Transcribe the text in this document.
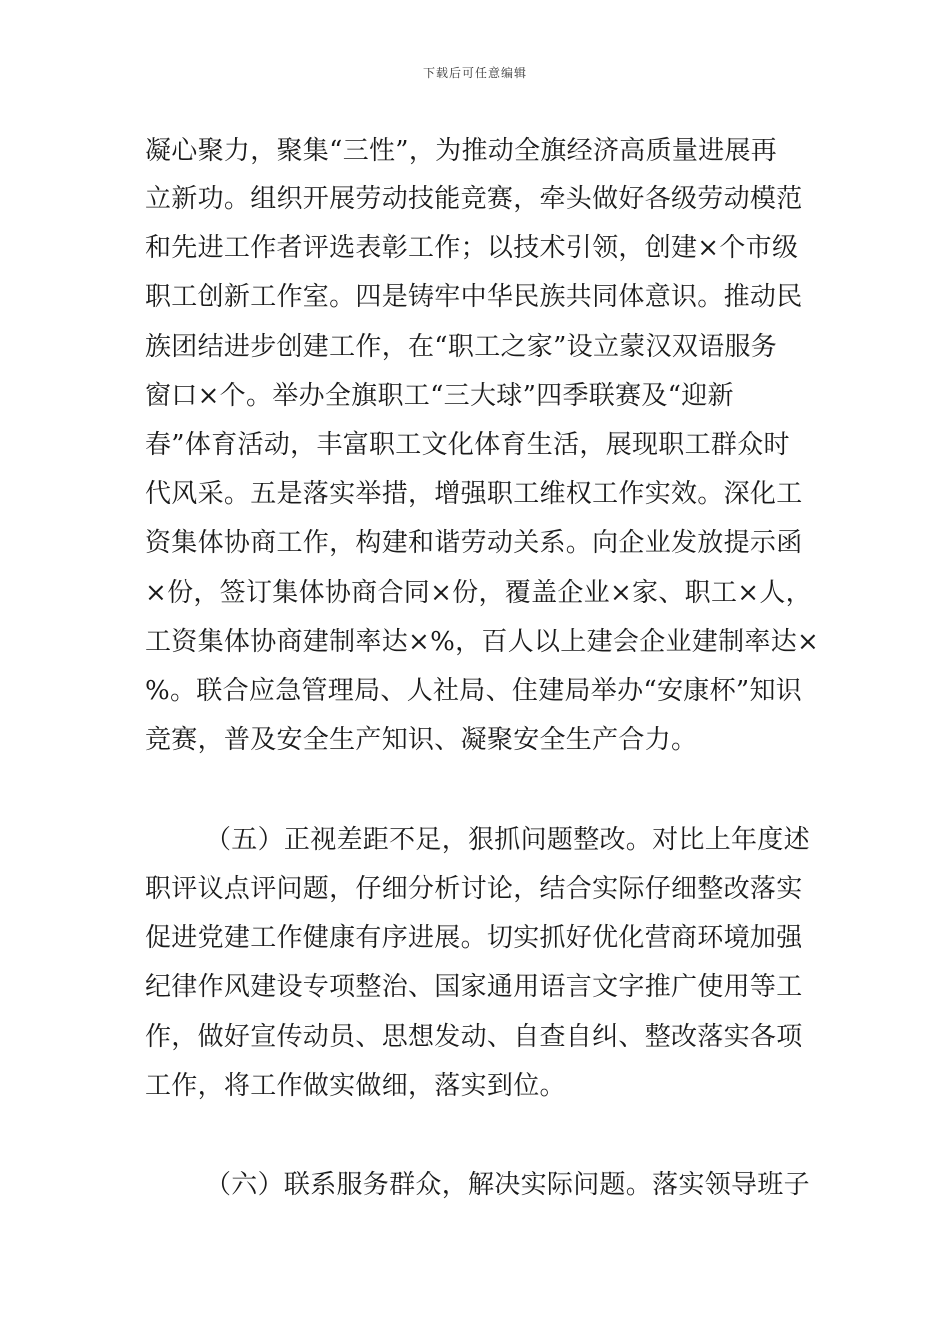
下载后可任意编辑
凝心聚力，聚集“三性”，为推动全旗经济高质量进展再
立新功。组织开展劳动技能竞赛，牵头做好各级劳动模范
和先进工作者评选表彰工作；以技术引领，创建×个市级
职工创新工作室。四是铸牢中华民族共同体意识。推动民
族团结进步创建工作，在“职工之家”设立蒙汉双语服务
窗口×个。举办全旗职工“三大球”四季联赛及“迎新
春”体育活动，丰富职工文化体育生活，展现职工群众时
代风采。五是落实举措，增强职工维权工作实效。深化工
资集体协商工作，构建和谐劳动关系。向企业发放提示函
×份，签订集体协商合同×份，覆盖企业×家、职工×人，
工资集体协商建制率达×%，百人以上建会企业建制率达×
%。联合应急管理局、人社局、住建局举办“安康杯”知识
竞赛，普及安全生产知识、凝聚安全生产合力。
（五）正视差距不足，狠抓问题整改。对比上年度述
职评议点评问题，仔细分析讨论，结合实际仔细整改落实
促进党建工作健康有序进展。切实抓好优化营商环境加强
纪律作风建设专项整治、国家通用语言文字推广使用等工
作，做好宣传动员、思想发动、自查自纠、整改落实各项
工作，将工作做实做细，落实到位。
（六）联系服务群众，解决实际问题。落实领导班子
